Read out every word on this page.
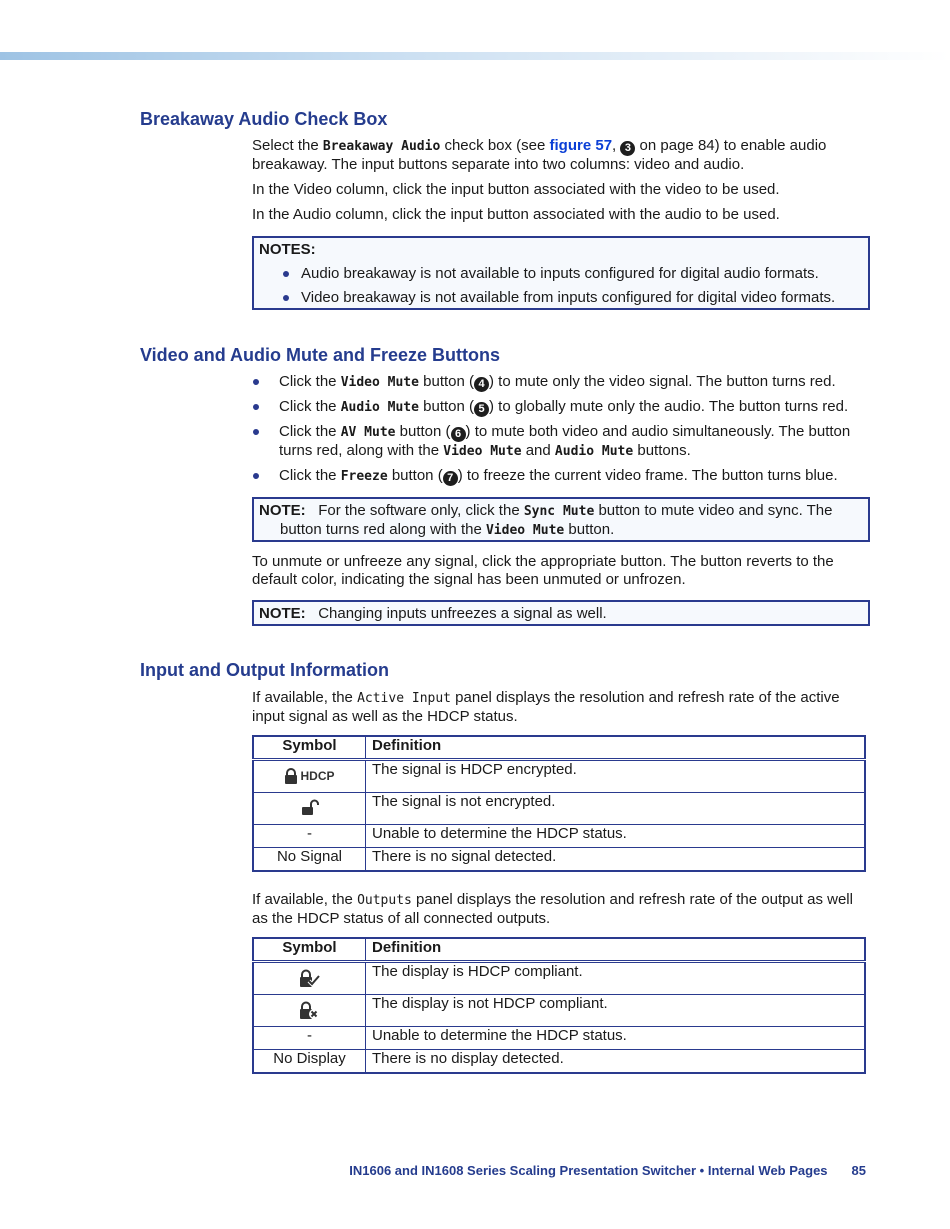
Breakaway Audio Check Box

Select the Breakaway Audio check box (see figure 57, 3 on page 84) to enable audio breakaway. The input buttons separate into two columns: video and audio.

In the Video column, click the input button associated with the video to be used.

In the Audio column, click the input button associated with the audio to be used.

NOTES:
Audio breakaway is not available to inputs configured for digital audio formats.
Video breakaway is not available from inputs configured for digital video formats.
Video and Audio Mute and Freeze Buttons
Click the Video Mute button ( 4 ) to mute only the video signal. The button turns red.
Click the Audio Mute button ( 5 ) to globally mute only the audio. The button turns red.
Click the AV Mute button ( 6 ) to mute both video and audio simultaneously. The button turns red, along with the Video Mute and Audio Mute buttons.
Click the Freeze button ( 7 ) to freeze the current video frame. The button turns blue.
NOTE: For the software only, click the Sync Mute button to mute video and sync. The button turns red along with the Video Mute button.

To unmute or unfreeze any signal, click the appropriate button. The button reverts to the default color, indicating the signal has been unmuted or unfrozen.

NOTE: Changing inputs unfreezes a signal as well.
Input and Output Information

If available, the Active Input panel displays the resolution and refresh rate of the active input signal as well as the HDCP status.

Symbol	Definition

HDCP	The signal is HDCP encrypted.
	The signal is not encrypted.
-	Unable to determine the HDCP status.
No Signal	There is no signal detected.

If available, the Outputs panel displays the resolution and refresh rate of the output as well as the HDCP status of all connected outputs.

Symbol	Definition
	The display is HDCP compliant.
	The display is not HDCP compliant.
-	Unable to determine the HDCP status.
No Display	There is no display detected.
IN1606 and IN1608 Series Scaling Presentation Switcher • Internal Web Pages 85
